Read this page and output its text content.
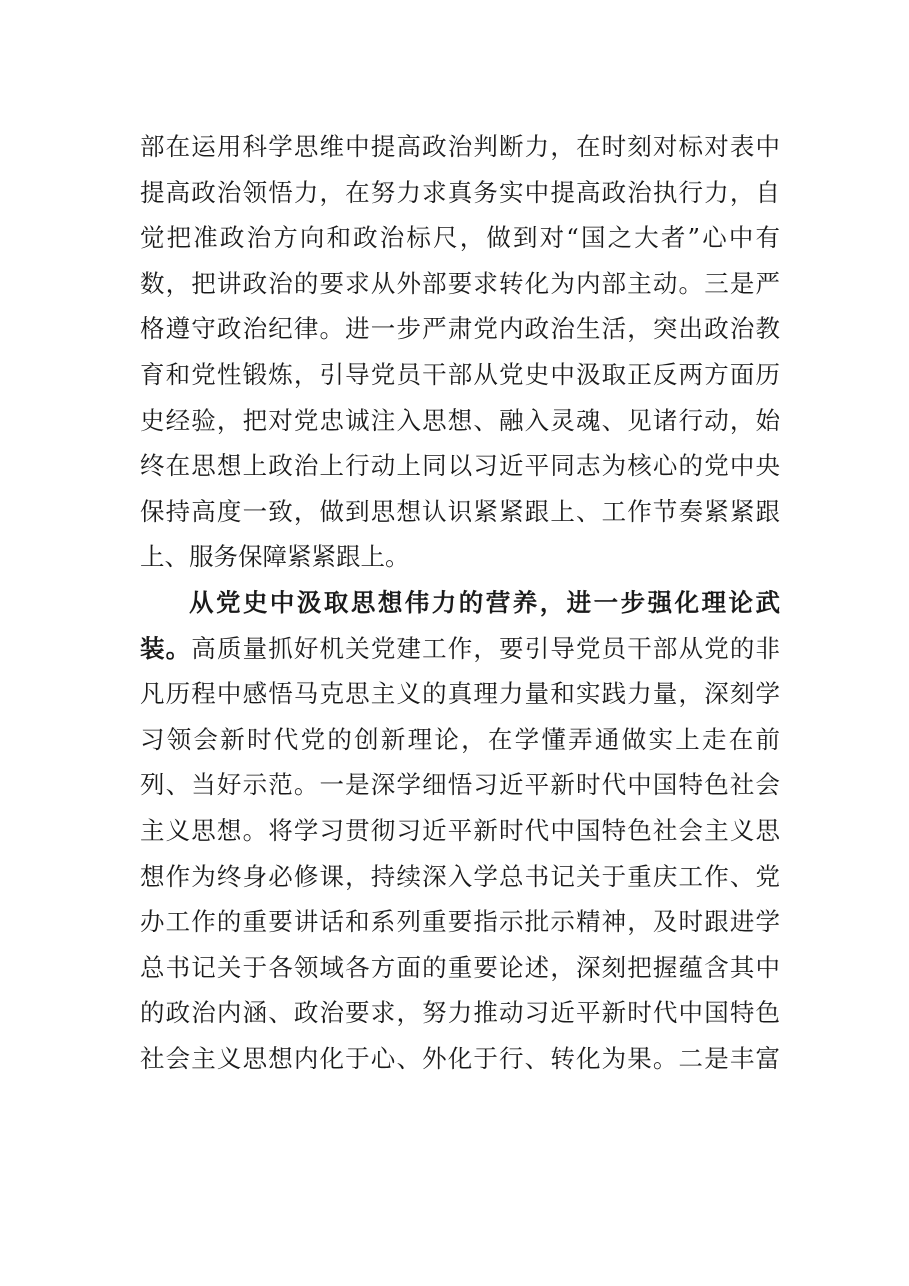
部在运用科学思维中提高政治判断力，在时刻对标对表中
提高政治领悟力，在努力求真务实中提高政治执行力，自
觉把准政治方向和政治标尺，做到对“国之大者”心中有
数，把讲政治的要求从外部要求转化为内部主动。三是严
格遵守政治纪律。进一步严肃党内政治生活，突出政治教
育和党性锻炼，引导党员干部从党史中汲取正反两方面历
史经验，把对党忠诚注入思想、融入灵魂、见诸行动，始
终在思想上政治上行动上同以习近平同志为核心的党中央
保持高度一致，做到思想认识紧紧跟上、工作节奏紧紧跟
上、服务保障紧紧跟上。
从党史中汲取思想伟力的营养，进一步强化理论武
装。高质量抓好机关党建工作，要引导党员干部从党的非
凡历程中感悟马克思主义的真理力量和实践力量，深刻学
习领会新时代党的创新理论，在学懂弄通做实上走在前
列、当好示范。一是深学细悟习近平新时代中国特色社会
主义思想。将学习贯彻习近平新时代中国特色社会主义思
想作为终身必修课，持续深入学总书记关于重庆工作、党
办工作的重要讲话和系列重要指示批示精神，及时跟进学
总书记关于各领域各方面的重要论述，深刻把握蕴含其中
的政治内涵、政治要求，努力推动习近平新时代中国特色
社会主义思想内化于心、外化于行、转化为果。二是丰富
